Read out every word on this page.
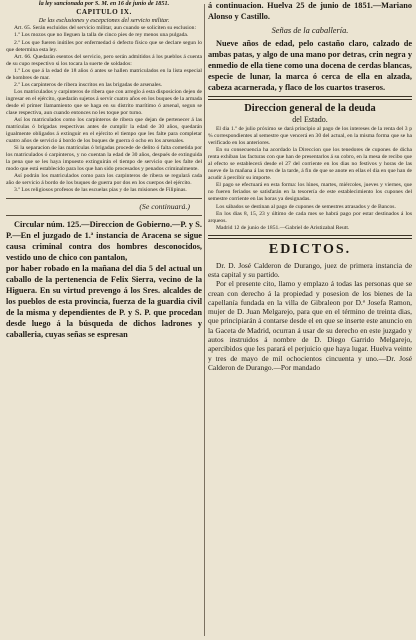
la ley sancionada por S. M. en 16 de junio de 1851.

CAPITULO IX.

De las esclusiones y escepciones del servicio militar.

Art. 65. Serán escluidos del servicio militar, aun cuando se soliciten su esclusion:

1.º Los mozos que no lleguen la talla de cinco pies de rey menos una pulgada.

2.º Los que fueren inútiles por enfermedad ó defecto físico que se declare segun lo que determina esta ley.

Art. 66. Quedarán esentos del servicio, pero serán admitidos á los pueblos á cuenta de su cupo respectivo si los tocara la suerte de soldados:

1.º Los que á la edad de 18 años ó antes se hallen matriculados en la lista especial de hombres de mar.

2.º Los carpinteros de ribera inscritos en las brigadas de arsenales.

Los matriculados y carpinteros de ribera que con arreglo á esta disposicion dejen de ingresar en el ejército, quedarán sujetos á servir cuatro años en los buques de la armada desde el primer llamamiento que se haga en su distrito marítimo ó arsenal, segun se clase respectiva, aun cuando entonces no les toque por turno.

Así los matriculados como los carpinteros de ribera que dejan de pertenecer á las matrículas ó brigadas respectivas antes de cumplir la edad de 30 años, quedarán igualmente obligados á extinguir en el ejército el tiempo que les falte para completar cuatro años de servicio á bordo de los buques de guerra ó ocho en los arsenales.

Si la separacion de las matrículas ó brigadas procede de delito ó falta cometida por los matriculados ó carpinteros, y no cuentan la edad de 30 años, después de extinguida la pena que se les haya impuesto extinguirán el tiempo de servicio que les falte del modo que está establecido para los que han sido procesados y penados criminalmente.

Así podrán los matriculados como para los carpinteros de ribera se regulará cada año de servicio á bordo de los buques de guerra por dos en los cuerpos del ejército.

3.º Los religiosos profesos de las escuelas pías y de las misiones de Filipinas.

(Se continuará.)

Circular núm. 125.—Direccion de Gobierno.—P. y S. P.—En el juzgado de 1.ª instancia de Aracena se sigue causa criminal contra dos hombres desconocidos, vestido uno de chico con pantalon,

por haber robado en la mañana del dia 5 del actual un caballo de la pertenencia de Felix Sierra, vecino de la Higuera. En su virtud prevengo á los Sres. alcaldes de los pueblos de esta provincia, fuerza de la guardia civil de la misma y dependientes de P. y S. P. que procedan desde luego á la búsqueda de dichos ladrones y caballeria, cuyas señas se espresan

á continuacion. Huelva 25 de junio de 1851.—Mariano Alonso y Castillo.

Señas de la caballería.

Nueve años de edad, pelo castaño claro, calzado de ambas patas, y algo de una mano por detras, crin negra y enmedio de ella tiene como una docena de cerdas blancas, especie de lunar, la marca ó cerca de ella en alzada, cabeza acarnerada, y flaco de los cuartos traseros.

Direccion general de la deuda

del Estado.

El dia 1.º de julio próximo se dará principio al pago de los intereses de la renta del 3 p % correspondientes al semestre que vencerá en 30 del actual, en la misma forma que se ha verificado en los anteriores.

En su consecuencia ha acordado la Direccion que los tenedores de cupones de dicha renta exhiban las facturas con que han de presentarlos á su cobro, en la mesa de recibo que al efecto se establecerá desde el 27 del corriente en los dias no festivos y horas de las nueve de la mañana á las tres de la tarde, á fin de que se anote en ellas el dia en que han de acudir á percibir su importe.

El pago se efectuará en esta forma: los lúnes, martes, miércoles, jueves y viernes, que no fueren feriados se satisfarán en la tesorería de este establecimiento los cupones del semestre corriente en las horas ya designadas.

Los sábados se destinan al pago de cupones de semestres atrasados y de Bancos.

En los dias 8, 15, 23 y último de cada mes se habrá pago por estar destinados á los arqueos.

Madrid 12 de junio de 1851.—Gabriel de Aristizabal Reutt.

EDICTOS.

Dr. D. José Calderon de Durango, juez de primera instancia de esta capital y su partido.

Por el presente cito, llamo y emplazo á todas las personas que se crean con derecho á la propiedad y posesion de los bienes de la capellanía fundada en la villa de Gibraleon por D.ª Josefa Ramon, mujer de D. Juan Melgarejo, para que en el término de treinta dias, que principiarán á contarse desde el en que se inserte este anuncio en la Gaceta de Madrid, ocurran á usar de su derecho en este juzgado y autos instruidos á nombre de D. Diego Garrido Melgarejo, apercibidos que les parará el perjuicio que haya lugar. Huelva veinte y tres de mayo de mil ochocientos cincuenta y uno.—Dr. José Calderon de Durango.—Por mandado
